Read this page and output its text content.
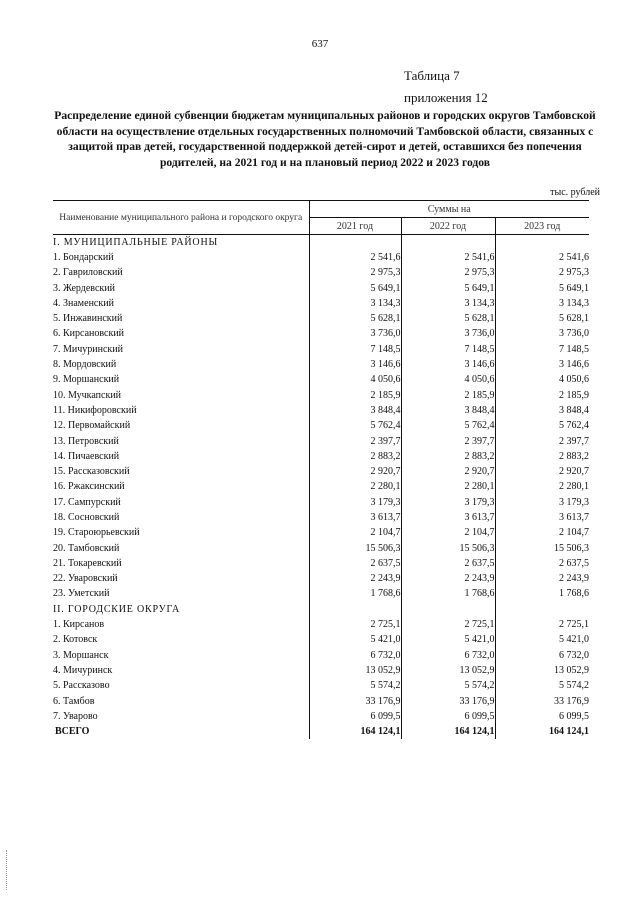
637
Таблица 7
приложения 12
Распределение единой субвенции бюджетам муниципальных районов и городских округов Тамбовской области на осуществление отдельных государственных полномочий Тамбовской области, связанных с защитой прав детей, государственной поддержкой детей-сирот и детей, оставшихся без попечения родителей, на 2021 год и на плановый период 2022 и 2023 годов
тыс. рублей
Наименование муниципального района и городского округа	Суммы на		
	2021 год	2022 год	2023 год
I. МУНИЦИПАЛЬНЫЕ РАЙОНЫ			
1. Бондарский	2 541,6	2 541,6	2 541,6
2. Гавриловский	2 975,3	2 975,3	2 975,3
3. Жердевский	5 649,1	5 649,1	5 649,1
4. Знаменский	3 134,3	3 134,3	3 134,3
5. Инжавинский	5 628,1	5 628,1	5 628,1
6. Кирсановский	3 736,0	3 736,0	3 736,0
7. Мичуринский	7 148,5	7 148,5	7 148,5
8. Мордовский	3 146,6	3 146,6	3 146,6
9. Моршанский	4 050,6	4 050,6	4 050,6
10. Мучкапский	2 185,9	2 185,9	2 185,9
11. Никифоровский	3 848,4	3 848,4	3 848,4
12. Первомайский	5 762,4	5 762,4	5 762,4
13. Петровский	2 397,7	2 397,7	2 397,7
14. Пичаевский	2 883,2	2 883,2	2 883,2
15. Рассказовский	2 920,7	2 920,7	2 920,7
16. Ржаксинский	2 280,1	2 280,1	2 280,1
17. Сампурский	3 179,3	3 179,3	3 179,3
18. Сосновский	3 613,7	3 613,7	3 613,7
19. Староюрьевский	2 104,7	2 104,7	2 104,7
20. Тамбовский	15 506,3	15 506,3	15 506,3
21. Токаревский	2 637,5	2 637,5	2 637,5
22. Уваровский	2 243,9	2 243,9	2 243,9
23. Уметский	1 768,6	1 768,6	1 768,6
II. ГОРОДСКИЕ ОКРУГА			
1. Кирсанов	2 725,1	2 725,1	2 725,1
2. Котовск	5 421,0	5 421,0	5 421,0
3. Моршанск	6 732,0	6 732,0	6 732,0
4. Мичуринск	13 052,9	13 052,9	13 052,9
5. Рассказово	5 574,2	5 574,2	5 574,2
6. Тамбов	33 176,9	33 176,9	33 176,9
7. Уварово	6 099,5	6 099,5	6 099,5
ВСЕГО	164 124,1	164 124,1	164 124,1
